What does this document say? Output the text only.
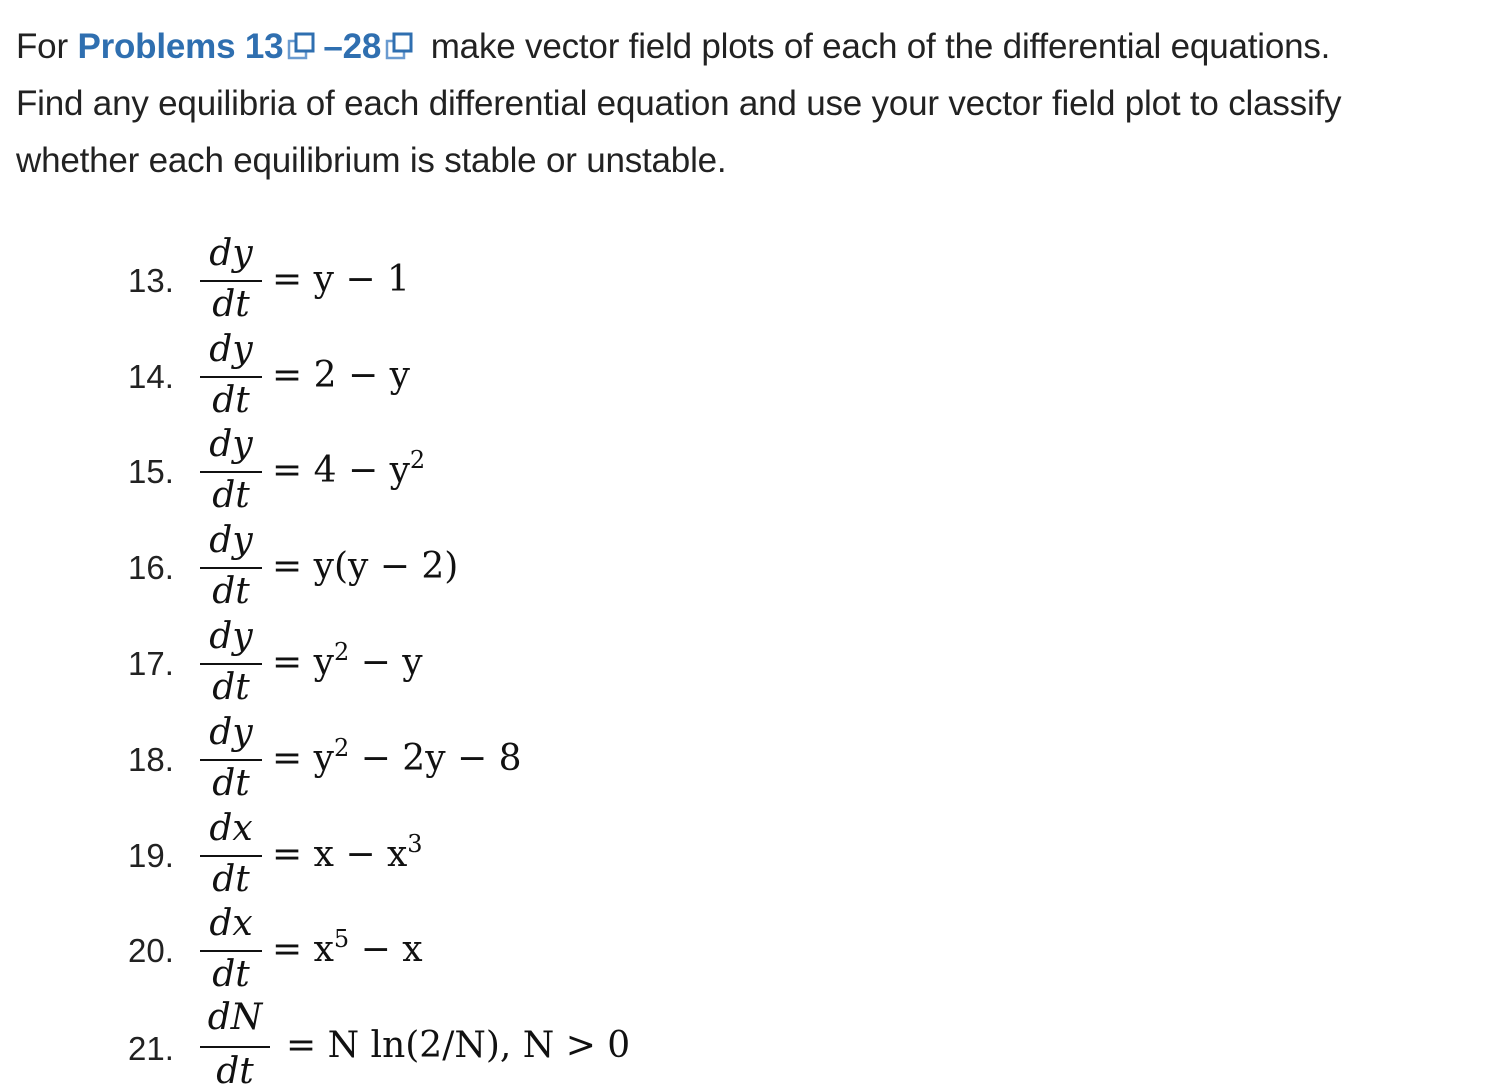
For Problems 13 –28
make vector field plots of each of the differential equations.
Find any equilibria of each differential equation and use your vector field plot to classify
whether each equilibrium is stable or unstable.
13.
dy
dt
= y − 1
14.
dy
dt
= 2 − y
15.
dy
dt
= $4 - y^2$
16.
dy
dt
= y(y − 2)
17.
dy
dt
= $y^2 - y$
18.
dy
dt
= $y^2 - 2y - 8$
19.
dx
dt
= $x - x^3$
20.
dx
dt
= $x^5 - x$
21.
dN
dt
= N ln(2/N), N > 0
